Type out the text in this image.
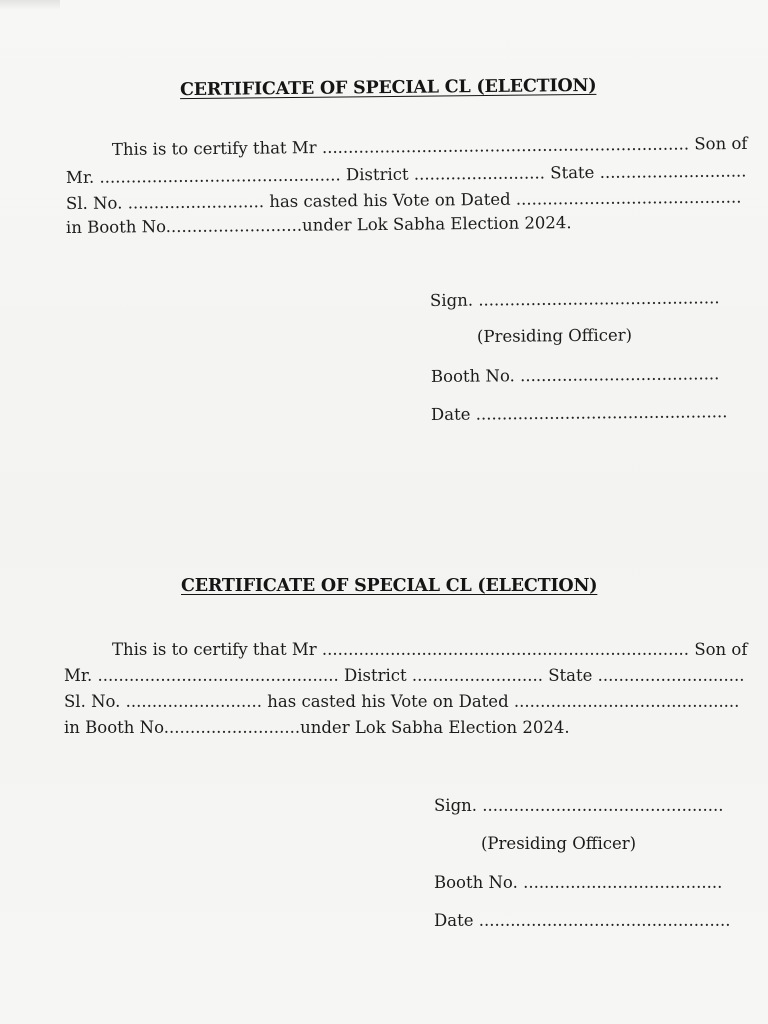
CERTIFICATE OF SPECIAL CL (ELECTION)
This is to certify that Mr ...................................................................... Son of
Mr. .............................................. District ......................... State ............................
Sl. No. .......................... has casted his Vote on Dated ...........................................
in Booth No..........................under Lok Sabha Election 2024.
Sign. ..............................................
(Presiding Officer)
Booth No. ......................................
Date ................................................
CERTIFICATE OF SPECIAL CL (ELECTION)
This is to certify that Mr ...................................................................... Son of
Mr. .............................................. District ......................... State ............................
Sl. No. .......................... has casted his Vote on Dated ...........................................
in Booth No..........................under Lok Sabha Election 2024.
Sign. ..............................................
(Presiding Officer)
Booth No. ......................................
Date ................................................
